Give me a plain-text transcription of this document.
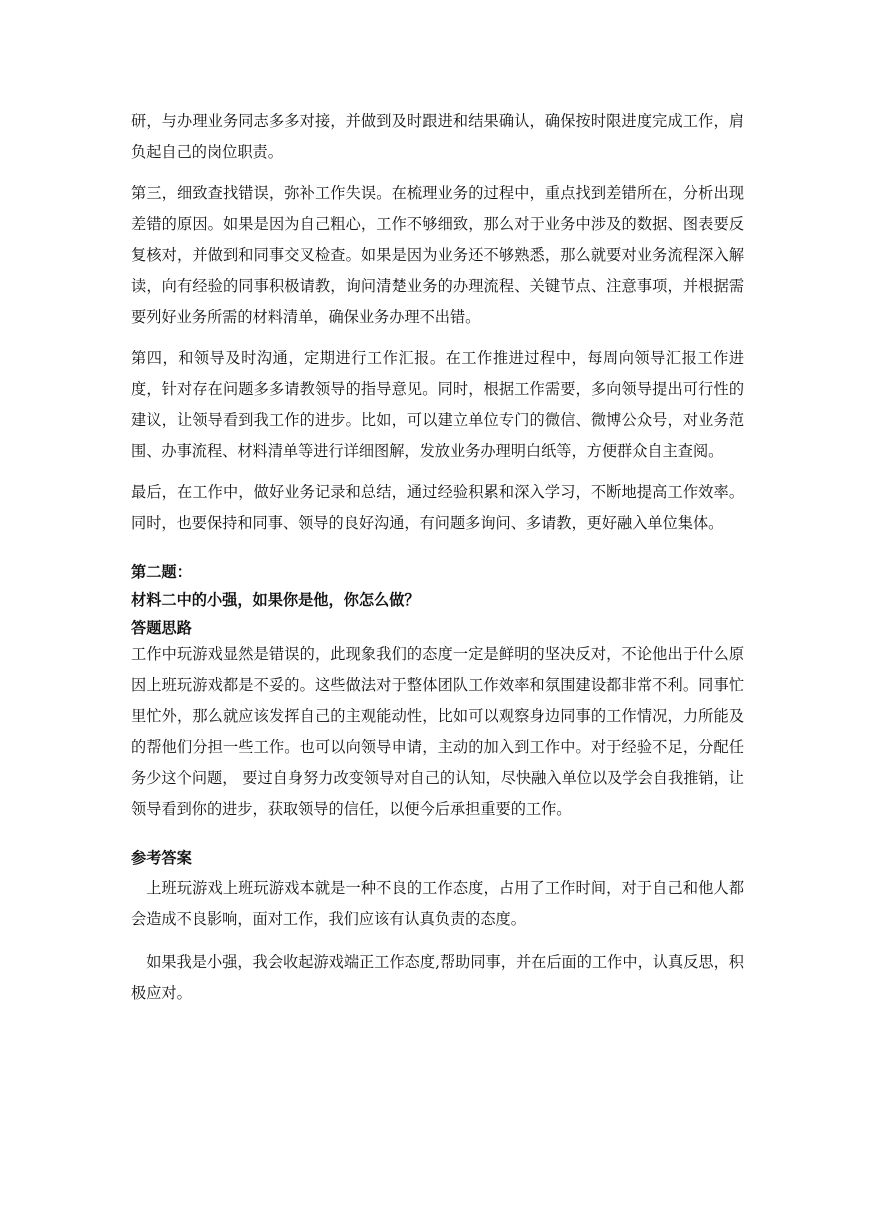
研，与办理业务同志多多对接，并做到及时跟进和结果确认，确保按时限进度完成工作，肩负起自己的岗位职责。

第三，细致查找错误，弥补工作失误。在梳理业务的过程中，重点找到差错所在，分析出现差错的原因。如果是因为自己粗心，工作不够细致，那么对于业务中涉及的数据、图表要反复核对，并做到和同事交叉检查。如果是因为业务还不够熟悉，那么就要对业务流程深入解读，向有经验的同事积极请教，询问清楚业务的办理流程、关键节点、注意事项，并根据需要列好业务所需的材料清单，确保业务办理不出错。

第四，和领导及时沟通，定期进行工作汇报。在工作推进过程中，每周向领导汇报工作进度，针对存在问题多多请教领导的指导意见。同时，根据工作需要，多向领导提出可行性的建议，让领导看到我工作的进步。比如，可以建立单位专门的微信、微博公众号，对业务范围、办事流程、材料清单等进行详细图解，发放业务办理明白纸等，方便群众自主查阅。

最后，在工作中，做好业务记录和总结，通过经验积累和深入学习，不断地提高工作效率。同时，也要保持和同事、领导的良好沟通，有问题多询问、多请教，更好融入单位集体。

第二题：
材料二中的小强，如果你是他，你怎么做？
答题思路

工作中玩游戏显然是错误的，此现象我们的态度一定是鲜明的坚决反对，不论他出于什么原因上班玩游戏都是不妥的。这些做法对于整体团队工作效率和氛围建设都非常不利。同事忙里忙外，那么就应该发挥自己的主观能动性，比如可以观察身边同事的工作情况，力所能及的帮他们分担一些工作。也可以向领导申请，主动的加入到工作中。对于经验不足，分配任务少这个问题， 要过自身努力改变领导对自己的认知，尽快融入单位以及学会自我推销，让领导看到你的进步，获取领导的信任，以便今后承担重要的工作。

参考答案

上班玩游戏上班玩游戏本就是一种不良的工作态度，占用了工作时间，对于自己和他人都会造成不良影响，面对工作，我们应该有认真负责的态度。

如果我是小强，我会收起游戏端正工作态度,帮助同事，并在后面的工作中，认真反思，积极应对。
